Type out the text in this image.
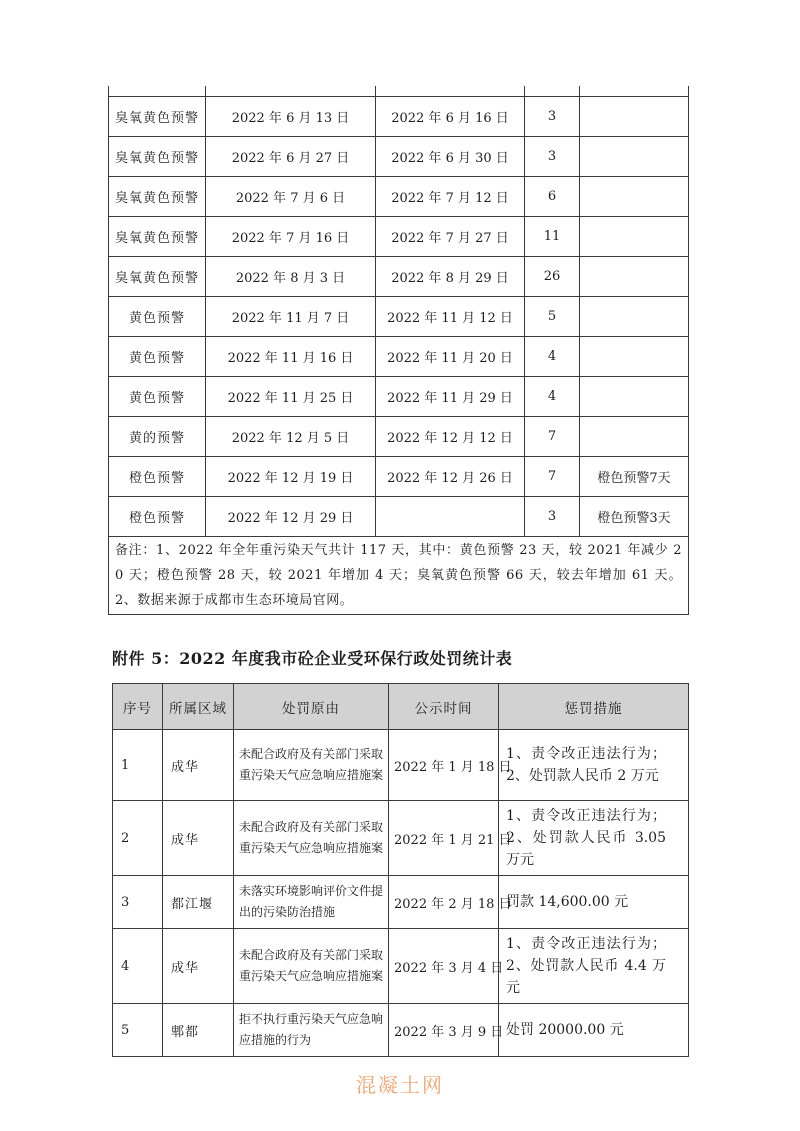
臭氧黄色预警	2022 年 6 月 13 日	2022 年 6 月 16 日	3	
臭氧黄色预警	2022 年 6 月 27 日	2022 年 6 月 30 日	3	
臭氧黄色预警	2022 年 7 月 6 日	2022 年 7 月 12 日	6	
臭氧黄色预警	2022 年 7 月 16 日	2022 年 7 月 27 日	11	
臭氧黄色预警	2022 年 8 月 3 日	2022 年 8 月 29 日	26	
黄色预警	2022 年 11 月 7 日	2022 年 11 月 12 日	5	
黄色预警	2022 年 11 月 16 日	2022 年 11 月 20 日	4	
黄色预警	2022 年 11 月 25 日	2022 年 11 月 29 日	4	
黄的预警	2022 年 12 月 5 日	2022 年 12 月 12 日	7	
橙色预警	2022 年 12 月 19 日	2022 年 12 月 26 日	7	橙色预警7天
橙色预警	2022 年 12 月 29 日		3	橙色预警3天
备注：1、2022 年全年重污染天气共计 117 天，其中：黄色预警 23 天，较 2021 年减少 20 天；橙色预警 28 天，较 2021 年增加 4 天；臭氧黄色预警 66 天，较去年增加 61 天。2、数据来源于成都市生态环境局官网。				
附件 5：2022 年度我市砼企业受环保行政处罚统计表
序号	所属区域	处罚原由	公示时间	惩罚措施
1	成华	未配合政府及有关部门采取重污染天气应急响应措施案	2022 年 1 月 18 日	1、责令改正违法行为；2、处罚款人民币 2 万元
2	成华	未配合政府及有关部门采取重污染天气应急响应措施案	2022 年 1 月 21 日	1、责令改正违法行为；2、处罚款人民币 3.05 万元
3	都江堰	未落实环境影响评价文件提出的污染防治措施	2022 年 2 月 18 日	罚款 14,600.00 元
4	成华	未配合政府及有关部门采取重污染天气应急响应措施案	2022 年 3 月 4 日	1、责令改正违法行为；2、处罚款人民币 4.4 万元
5	郫都	拒不执行重污染天气应急响应措施的行为	2022 年 3 月 9 日	处罚 20000.00 元
混凝土网
